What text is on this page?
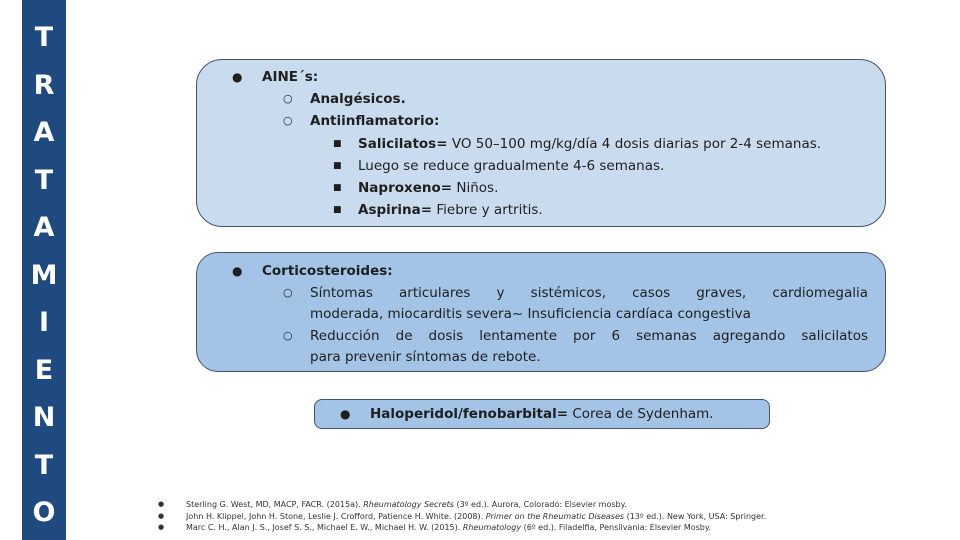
T
R
A
T
A
M
I
E
N
T
O
● AINE´s:
○ Analgésicos.
○ Antiinflamatorio:
■ Salicilatos= VO 50–100 mg/kg/día 4 dosis diarias por 2-4 semanas.
■ Luego se reduce gradualmente 4-6 semanas.
■ Naproxeno= Niños.
■ Aspirina= Fiebre y artritis.
● Corticosteroides:
○ Síntomas articulares y sistémicos, casos graves, cardiomegalia
moderada, miocarditis severa~ Insuficiencia cardíaca congestiva
○ Reducción de dosis lentamente por 6 semanas agregando salicilatos
para prevenir síntomas de rebote.
● Haloperidol/fenobarbital= Corea de Sydenham.
●	Sterling G. West, MD, MACP, FACR. (2015a). Rheumatology Secrets (3º ed.). Aurora, Colorado: Elsevier mosby.
●	John H. Klippel, John H. Stone, Leslie J. Crofford, Patience H. White. (2008). Primer on the Rheumatic Diseases (13º ed.). New York, USA: Springer.
●	Marc C. H., Alan J. S., Josef S. S., Michael E. W., Michael H. W. (2015). Rheumatology (6º ed.). Filadelfia, Pensilvania: Elsevier Mosby.
